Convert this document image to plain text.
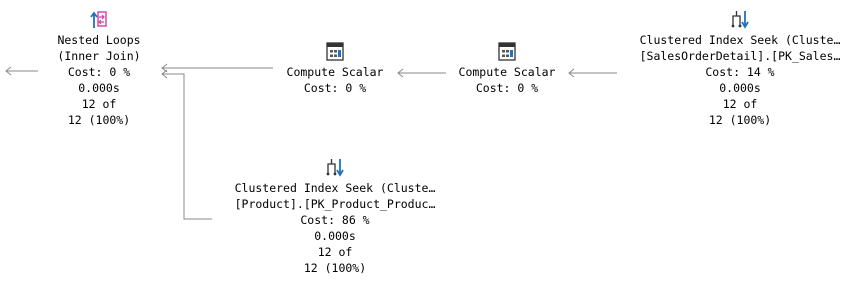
Nested Loops
(Inner Join)
Cost: 0 %
0.000s
12 of
12 (100%)
Compute Scalar
Cost: 0 %
Compute Scalar
Cost: 0 %
Clustered Index Seek (Cluste…
[SalesOrderDetail].[PK_Sales…
Cost: 14 %
0.000s
12 of
12 (100%)
Clustered Index Seek (Cluste…
[Product].[PK_Product_Produc…
Cost: 86 %
0.000s
12 of
12 (100%)
